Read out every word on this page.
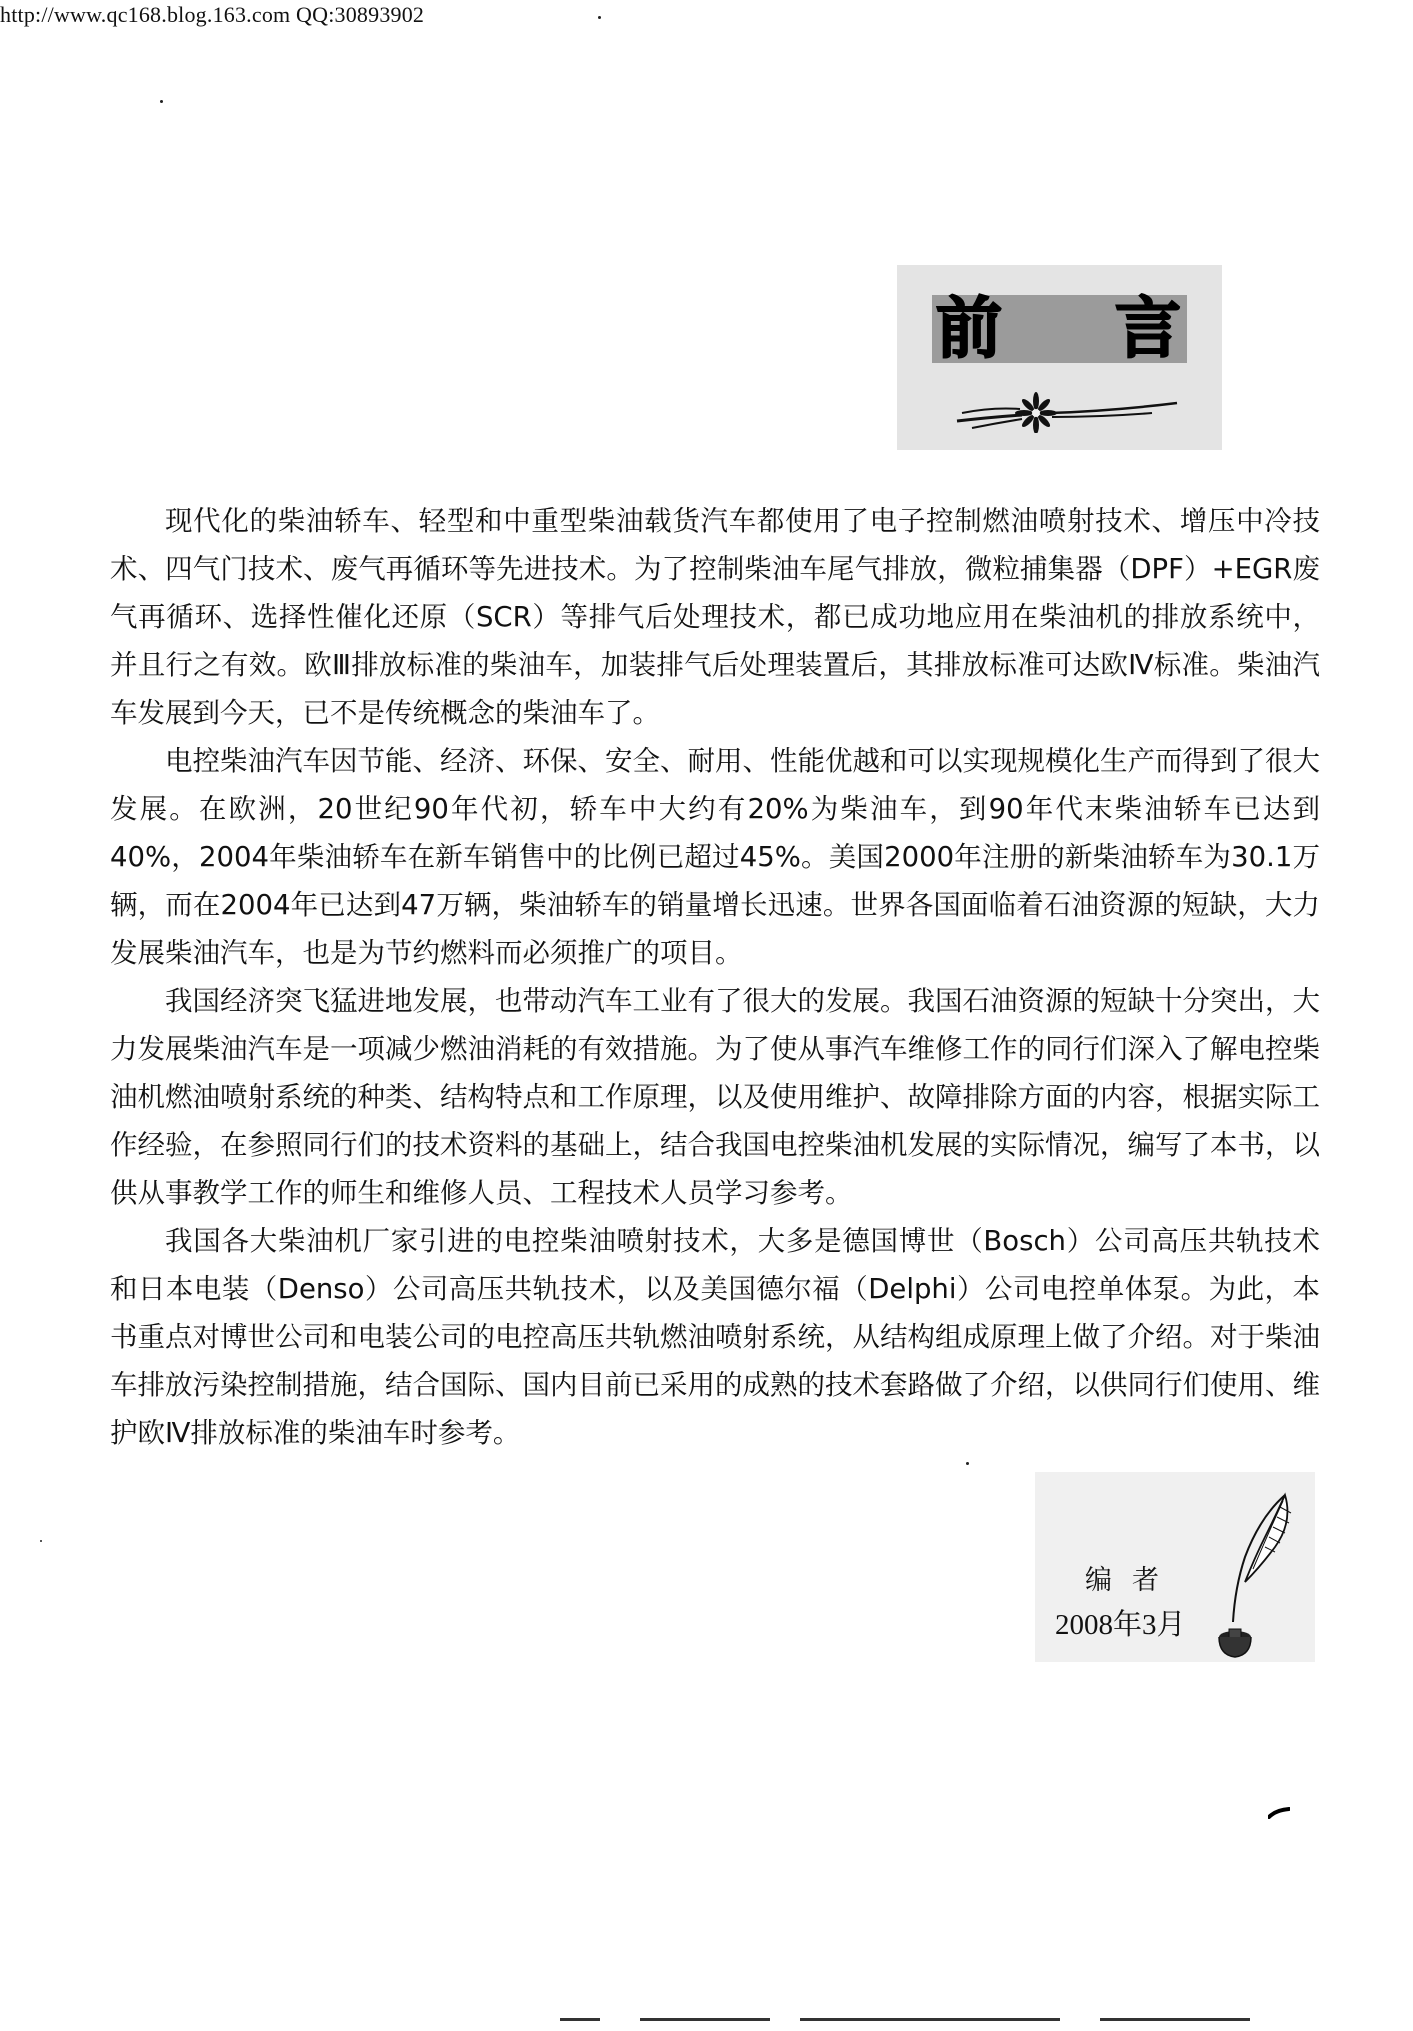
http://www.qc168.blog.163.com QQ:30893902
前 言

现代化的柴油轿车、轻型和中重型柴油载货汽车都使用了电子控制燃油喷射技术、增压中冷技术、四气门技术、废气再循环等先进技术。为了控制柴油车尾气排放，微粒捕集器（DPF）+EGR废气再循环、选择性催化还原（SCR）等排气后处理技术，都已成功地应用在柴油机的排放系统中，并且行之有效。欧Ⅲ排放标准的柴油车，加装排气后处理装置后，其排放标准可达欧Ⅳ标准。柴油汽车发展到今天，已不是传统概念的柴油车了。

电控柴油汽车因节能、经济、环保、安全、耐用、性能优越和可以实现规模化生产而得到了很大发展。在欧洲，20世纪90年代初，轿车中大约有20%为柴油车，到90年代末柴油轿车已达到40%，2004年柴油轿车在新车销售中的比例已超过45%。美国2000年注册的新柴油轿车为30.1万辆，而在2004年已达到47万辆，柴油轿车的销量增长迅速。世界各国面临着石油资源的短缺，大力发展柴油汽车，也是为节约燃料而必须推广的项目。

我国经济突飞猛进地发展，也带动汽车工业有了很大的发展。我国石油资源的短缺十分突出，大力发展柴油汽车是一项减少燃油消耗的有效措施。为了使从事汽车维修工作的同行们深入了解电控柴油机燃油喷射系统的种类、结构特点和工作原理，以及使用维护、故障排除方面的内容，根据实际工作经验，在参照同行们的技术资料的基础上，结合我国电控柴油机发展的实际情况，编写了本书，以供从事教学工作的师生和维修人员、工程技术人员学习参考。

我国各大柴油机厂家引进的电控柴油喷射技术，大多是德国博世（Bosch）公司高压共轨技术和日本电装（Denso）公司高压共轨技术，以及美国德尔福（Delphi）公司电控单体泵。为此，本书重点对博世公司和电装公司的电控高压共轨燃油喷射系统，从结构组成原理上做了介绍。对于柴油车排放污染控制措施，结合国际、国内目前已采用的成熟的技术套路做了介绍，以供同行们使用、维护欧Ⅳ排放标准的柴油车时参考。

编者
2008年3月
